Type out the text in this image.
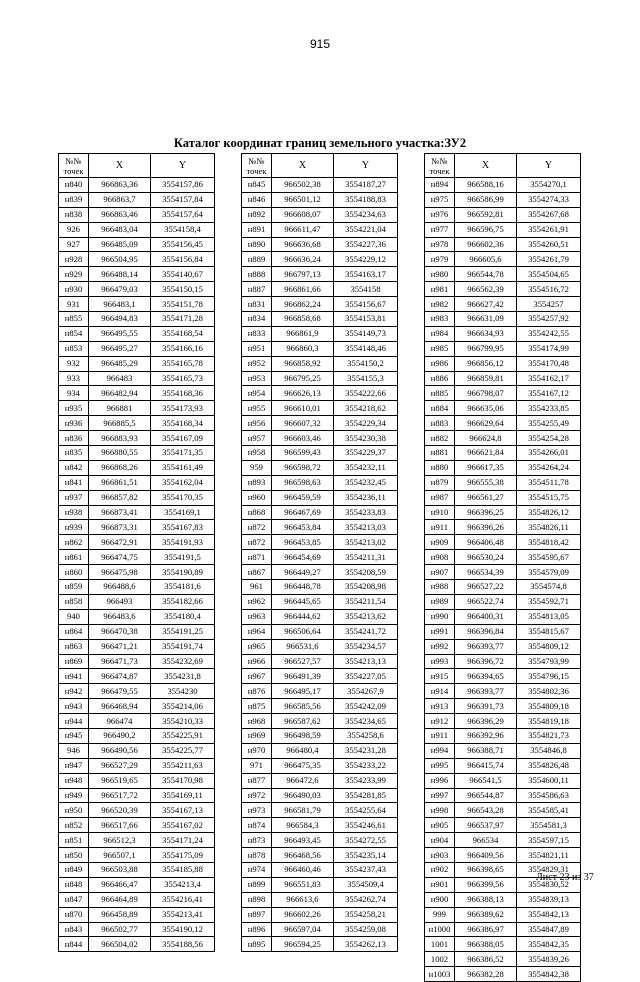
915
Каталог координат границ земельного участка:ЗУ2
№№
точек	X	Y
н840	966863,36	3554157,86
н839	966863,7	3554157,84
н838	966863,46	3554157,64
926	966483,04	3554158,4
927	966485,09	3554156,45
н928	966504,95	3554156,84
н929	966488,14	3554140,67
н930	966479,03	3554150,15
931	966483,1	3554151,78
н855	966494,83	3554171,28
н854	966495,55	3554168,54
н853	966495,27	3554166,16
932	966485,29	3554165,78
933	966483	3554165,73
934	966482,94	3554168,36
н935	966881	3554173,93
н936	966885,5	3554168,34
н836	966883,93	3554167,09
н835	966880,55	3554171,35
н842	966868,26	3554161,49
н841	966861,51	3554162,04
н937	966857,82	3554170,35
н938	966873,41	3554169,1
н939	966873,31	3554167,83
н862	966472,91	3554191,93
н861	966474,75	3554191,5
н860	966475,98	3554190,89
н859	966488,6	3554181,6
н858	966493	3554182,66
940	966483,6	3554180,4
н864	966470,38	3554191,25
н863	966471,21	3554191,74
н869	966471,73	3554232,69
н941	966474,87	3554231,8
н942	966479,55	3554230
н943	966468,94	3554214,06
н944	966474	3554210,33
н945	966490,2	3554225,91
946	966490,56	3554225,77
н947	966527,29	3554211,63
н948	966519,65	3554170,98
н949	966517,72	3554169,11
н950	966520,39	3554167,13
н852	966517,66	3554167,02
н851	966512,3	3554171,24
н850	966507,1	3554175,09
н849	966503,88	3554185,88
н848	966466,47	3554213,4
н847	966464,89	3554216,41
н870	966458,89	3554213,41
н843	966502,77	3554190,12
н844	966504,02	3554188,56
№№
точек	X	Y
н845	966502,38	3554187,27
н846	966501,12	3554188,83
н892	966608,07	3554234,63
н891	966611,47	3554221,04
н890	966636,68	3554227,36
н889	966636,24	3554229,12
н888	966797,13	3554163,17
н887	966861,66	3554158
н831	966862,24	3554156,67
н834	966858,68	3554153,81
н833	966861,9	3554149,73
н951	966860,3	3554148,46
н952	966858,92	3554150,2
н953	966795,25	3554155,3
н954	966626,13	3554222,66
н955	966610,01	3554218,62
н956	966607,32	3554229,34
н957	966603,46	3554230,38
н958	966599,43	3554229,37
959	966598,72	3554232,11
н893	966598,63	3554232,45
н960	966459,59	3554236,11
н868	966467,69	3554233,83
н872	966453,84	3554213,03
н872	966453,85	3554213,02
н871	966454,69	3554211,31
н867	966449,27	3554208,59
961	966448,78	3554208,98
н962	966445,65	3554211,54
н963	966444,62	3554213,62
н964	966506,64	3554241,72
н965	966531,6	3554234,57
н966	966527,57	3554213,13
н967	966491,39	3554227,05
н876	966495,17	3554267,9
н875	966585,56	3554242,09
н968	966587,62	3554234,65
н969	966498,59	3554258,6
н970	966480,4	3554231,28
971	966475,35	3554233,22
н877	966472,6	3554233,99
н972	966490,03	3554281,85
н973	966581,79	3554255,64
н874	966584,3	3554246,61
н873	966493,45	3554272,55
н878	966468,56	3554235,14
н974	966460,46	3554237,43
н899	966551,83	3554509,4
н898	966613,6	3554262,74
н897	966602,26	3554258,21
н896	966597,04	3554259,08
н895	966594,25	3554262,13
№№
точек	X	Y
н894	966588,16	3554270,1
н975	966586,99	3554274,33
н976	966592,81	3554267,68
н977	966596,75	3554261,91
н978	966602,36	3554260,51
н979	966605,6	3554261,79
н980	966544,78	3554504,65
н981	966562,39	3554516,72
н982	966627,42	3554257
н983	966631,09	3554257,92
н984	966634,93	3554242,55
н985	966799,95	3554174,99
н986	966856,12	3554170,48
н886	966859,81	3554162,17
н885	966798,07	3554167,12
н884	966635,06	3554233,85
н883	966629,64	3554255,49
н882	966624,8	3554254,28
н881	966621,84	3554266,01
н880	966617,35	3554264,24
н879	966555,38	3554511,78
н987	966561,27	3554515,75
н910	966396,25	3554826,12
н911	966396,26	3554826,11
н909	966406,48	3554818,42
н908	966530,24	3554595,67
н907	966534,39	3554579,09
н988	966527,22	3554574,8
н989	966522,74	3554592,71
н990	966400,31	3554813,05
н991	966396,84	3554815,67
н992	966393,77	3554809,12
н993	966396,72	3554793,99
н915	966394,65	3554796,15
н914	966393,77	3554802,36
н913	966391,73	3554809,18
н912	966396,29	3554819,18
н911	966392,96	3554821,73
н994	966388,71	3554846,8
н995	966415,74	3554826,48
н996	966541,5	3554600,11
н997	966544,87	3554586,63
н998	966543,28	3554585,41
н905	966537,97	3554581,3
н904	966534	3554597,15
н903	966409,56	3554821,11
н902	966398,65	3554829,31
н901	966399,56	3554830,52
н900	966388,13	3554839,13
999	966389,62	3554842,13
н1000	966386,97	3554847,89
1001	966388,05	3554842,35
1002	966386,52	3554839,26
н1003	966382,28	3554842,38
Лист 23 из 37
